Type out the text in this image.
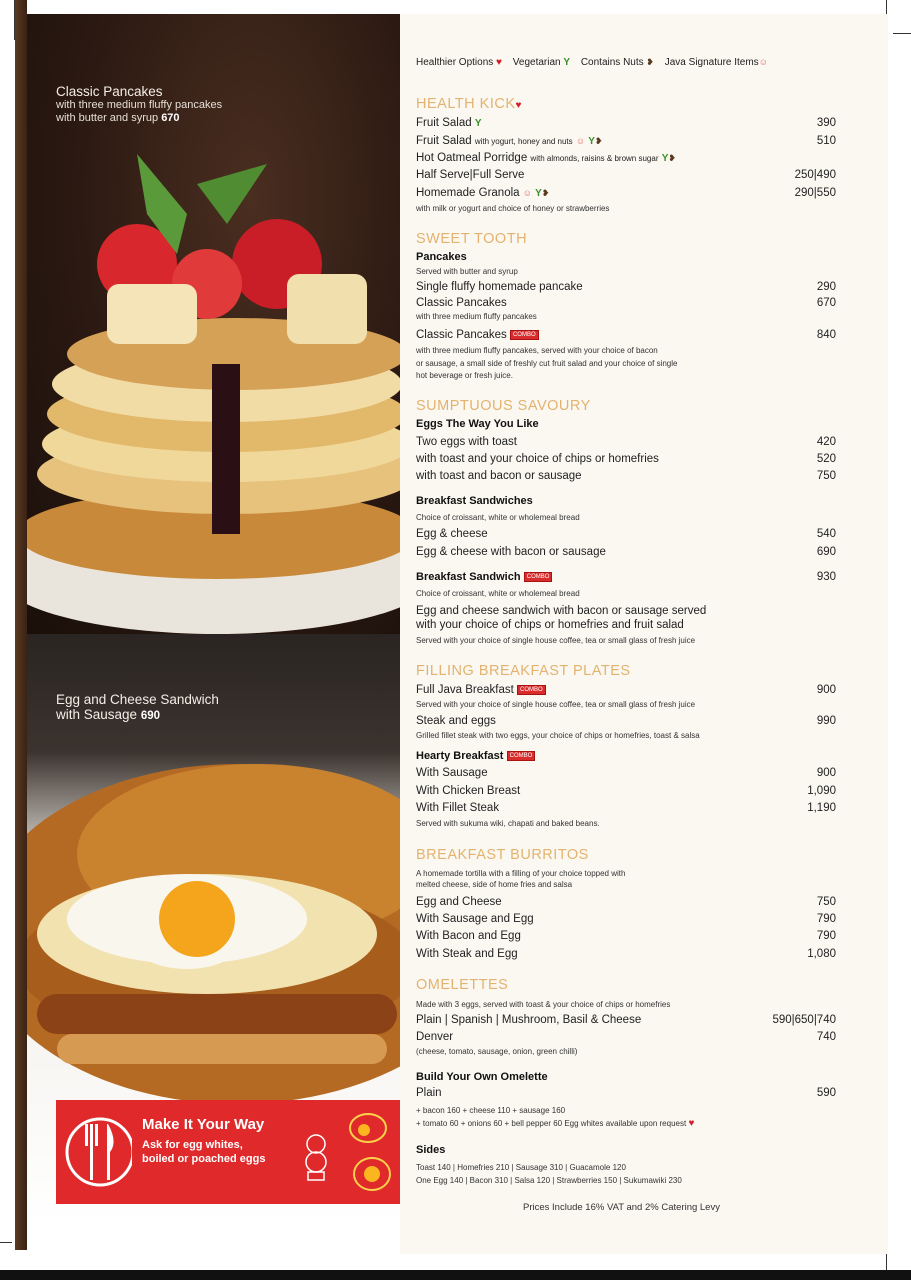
Classic Pancakes
with three medium fluffy pancakes
with butter and syrup 670
Egg and Cheese Sandwich
with Sausage 690
Make It Your Way
Ask for egg whites,
boiled or poached eggs
Healthier Options ♥ Vegetarian Y Contains Nuts ❥ Java Signature Items☺
HEALTH KICK♥
Fruit Salad Y	390
Fruit Salad with yogurt, honey and nuts ☺ Y❥	510
Hot Oatmeal Porridge with almonds, raisins & brown sugar Y❥
Half Serve|Full Serve	250|490
Homemade Granola ☺ Y❥	290|550
with milk or yogurt and choice of honey or strawberries
SWEET TOOTH
Pancakes
Served with butter and syrup
Single fluffy homemade pancake	290
Classic Pancakes	670
with three medium fluffy pancakes
Classic Pancakes COMBO	840
with three medium fluffy pancakes, served with your choice of bacon
or sausage, a small side of freshly cut fruit salad and your choice of single
hot beverage or fresh juice.
SUMPTUOUS SAVOURY
Eggs The Way You Like
Two eggs with toast	420
with toast and your choice of chips or homefries	520
with toast and bacon or sausage	750
Breakfast Sandwiches
Choice of croissant, white or wholemeal bread
Egg & cheese	540
Egg & cheese with bacon or sausage	690
Breakfast Sandwich COMBO	930
Choice of croissant, white or wholemeal bread
Egg and cheese sandwich with bacon or sausage served
with your choice of chips or homefries and fruit salad
Served with your choice of single house coffee, tea or small glass of fresh juice
FILLING BREAKFAST PLATES
Full Java Breakfast COMBO	900
Served with your choice of single house coffee, tea or small glass of fresh juice
Steak and eggs	990
Grilled fillet steak with two eggs, your choice of chips or homefries, toast & salsa
Hearty Breakfast COMBO
With Sausage	900
With Chicken Breast	1,090
With Fillet Steak	1,190
Served with sukuma wiki, chapati and baked beans.
BREAKFAST BURRITOS
A homemade tortilla with a filling of your choice topped with
melted cheese, side of home fries and salsa
Egg and Cheese	750
With Sausage and Egg	790
With Bacon and Egg	790
With Steak and Egg	1,080
OMELETTES
Made with 3 eggs, served with toast & your choice of chips or homefries
Plain | Spanish | Mushroom, Basil & Cheese	590|650|740
Denver	740
(cheese, tomato, sausage, onion, green chilli)
Build Your Own Omelette
Plain	590
+ bacon 160 + cheese 110 + sausage 160
+ tomato 60 + onions 60 + bell pepper 60 Egg whites available upon request ♥
Sides
Toast 140 | Homefries 210 | Sausage 310 | Guacamole 120
One Egg 140 | Bacon 310 | Salsa 120 | Strawberries 150 | Sukumawiki 230
Prices Include 16% VAT and 2% Catering Levy
